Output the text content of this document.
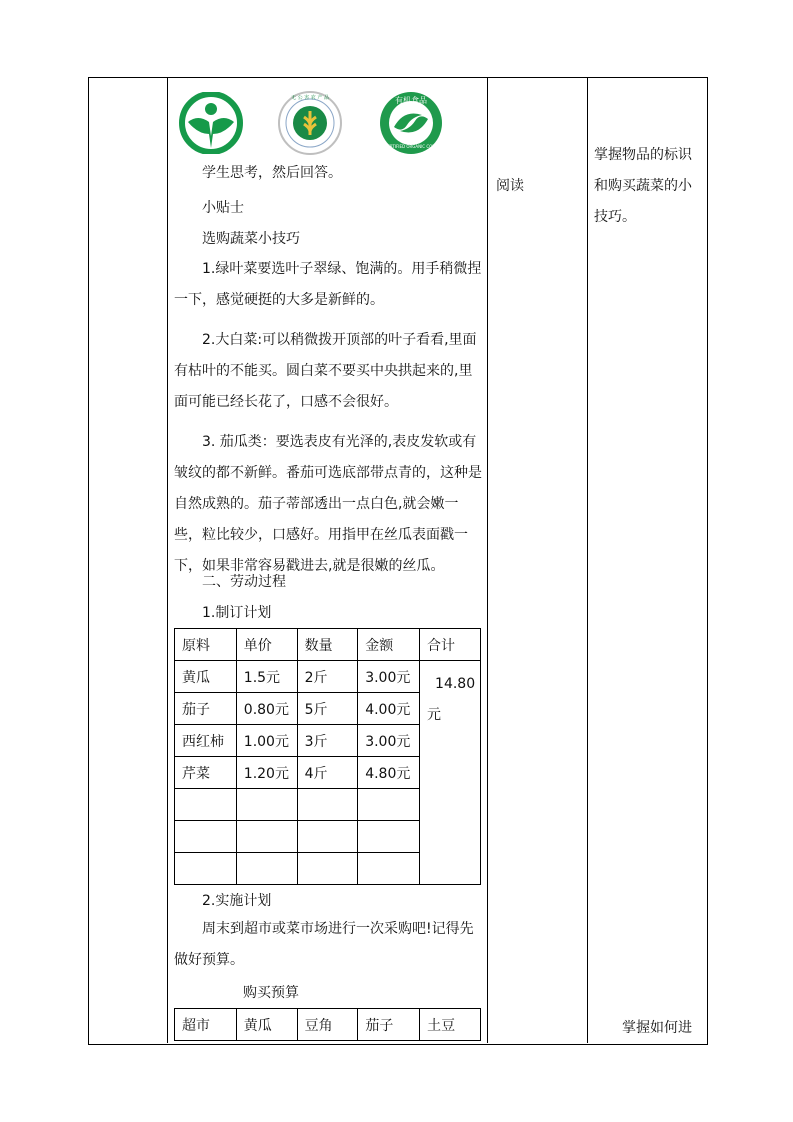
无 公 害 农 产 品	有机食品
CERTIFIED ORGANIC CQFC
学生思考，然后回答。
小贴士
选购蔬菜小技巧

1.绿叶菜要选叶子翠绿、饱满的。用手稍微捏一下，感觉硬挺的大多是新鲜的。

2.大白菜:可以稍微拨开顶部的叶子看看,里面有枯叶的不能买。圆白菜不要买中央拱起来的,里面可能已经长花了，口感不会很好。

3. 茄瓜类：要选表皮有光泽的,表皮发软或有皱纹的都不新鲜。番茄可选底部带点青的，这种是自然成熟的。茄子蒂部透出一点白色,就会嫩一些，粒比较少，口感好。用指甲在丝瓜表面戳一下，如果非常容易戳进去,就是很嫩的丝瓜。

二、劳动过程
1.制订计划
原料	单价	数量	金额	合计
黄瓜	1.5元	2斤	3.00元	14.80
元

茄子	0.80元	5斤	4.00元	
西红柿	1.00元	3斤	3.00元	
芹菜	1.20元	4斤	4.80元	

2.实施计划

周末到超市或菜市场进行一次采购吧!记得先做好预算。

购买预算
超市	黄瓜	豆角	茄子	土豆
阅读
掌握物品的标识和购买蔬菜的小技巧。
掌握如何进
